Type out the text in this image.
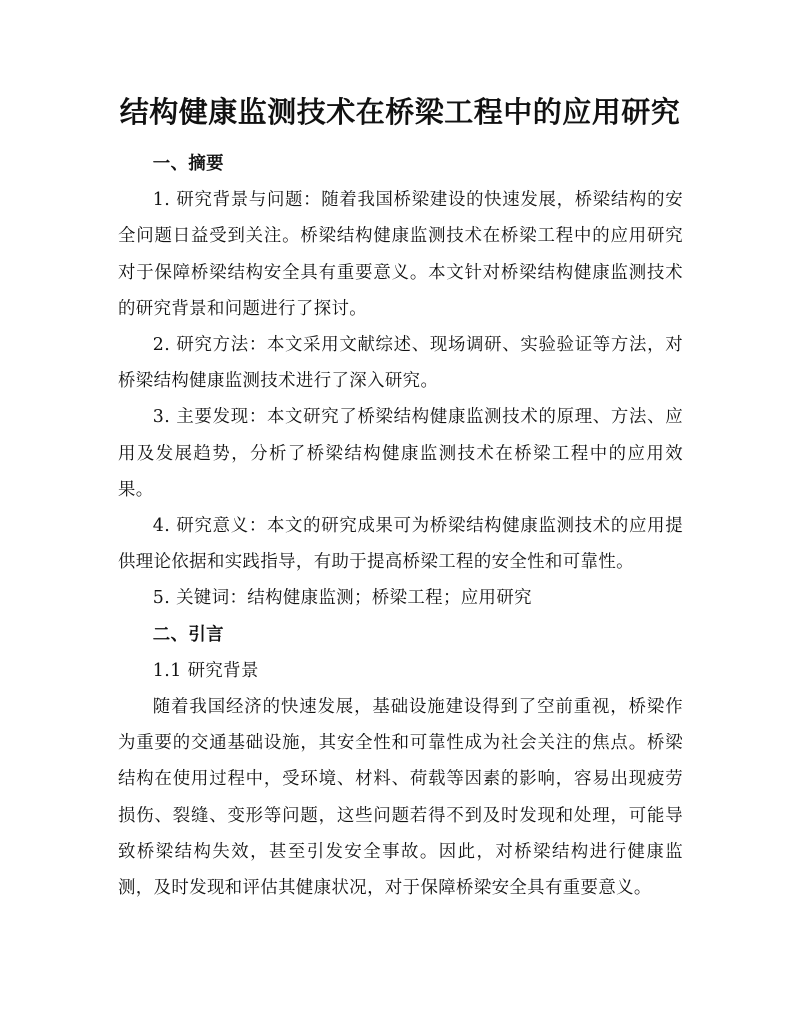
结构健康监测技术在桥梁工程中的应用研究

一、摘要

1. 研究背景与问题：随着我国桥梁建设的快速发展，桥梁结构的安全问题日益受到关注。桥梁结构健康监测技术在桥梁工程中的应用研究对于保障桥梁结构安全具有重要意义。本文针对桥梁结构健康监测技术的研究背景和问题进行了探讨。

2. 研究方法：本文采用文献综述、现场调研、实验验证等方法，对桥梁结构健康监测技术进行了深入研究。

3. 主要发现：本文研究了桥梁结构健康监测技术的原理、方法、应用及发展趋势，分析了桥梁结构健康监测技术在桥梁工程中的应用效果。

4. 研究意义：本文的研究成果可为桥梁结构健康监测技术的应用提供理论依据和实践指导，有助于提高桥梁工程的安全性和可靠性。

5. 关键词：结构健康监测；桥梁工程；应用研究

二、引言

1.1 研究背景

随着我国经济的快速发展，基础设施建设得到了空前重视，桥梁作为重要的交通基础设施，其安全性和可靠性成为社会关注的焦点。桥梁结构在使用过程中，受环境、材料、荷载等因素的影响，容易出现疲劳损伤、裂缝、变形等问题，这些问题若得不到及时发现和处理，可能导致桥梁结构失效，甚至引发安全事故。因此，对桥梁结构进行健康监测，及时发现和评估其健康状况，对于保障桥梁安全具有重要意义。
